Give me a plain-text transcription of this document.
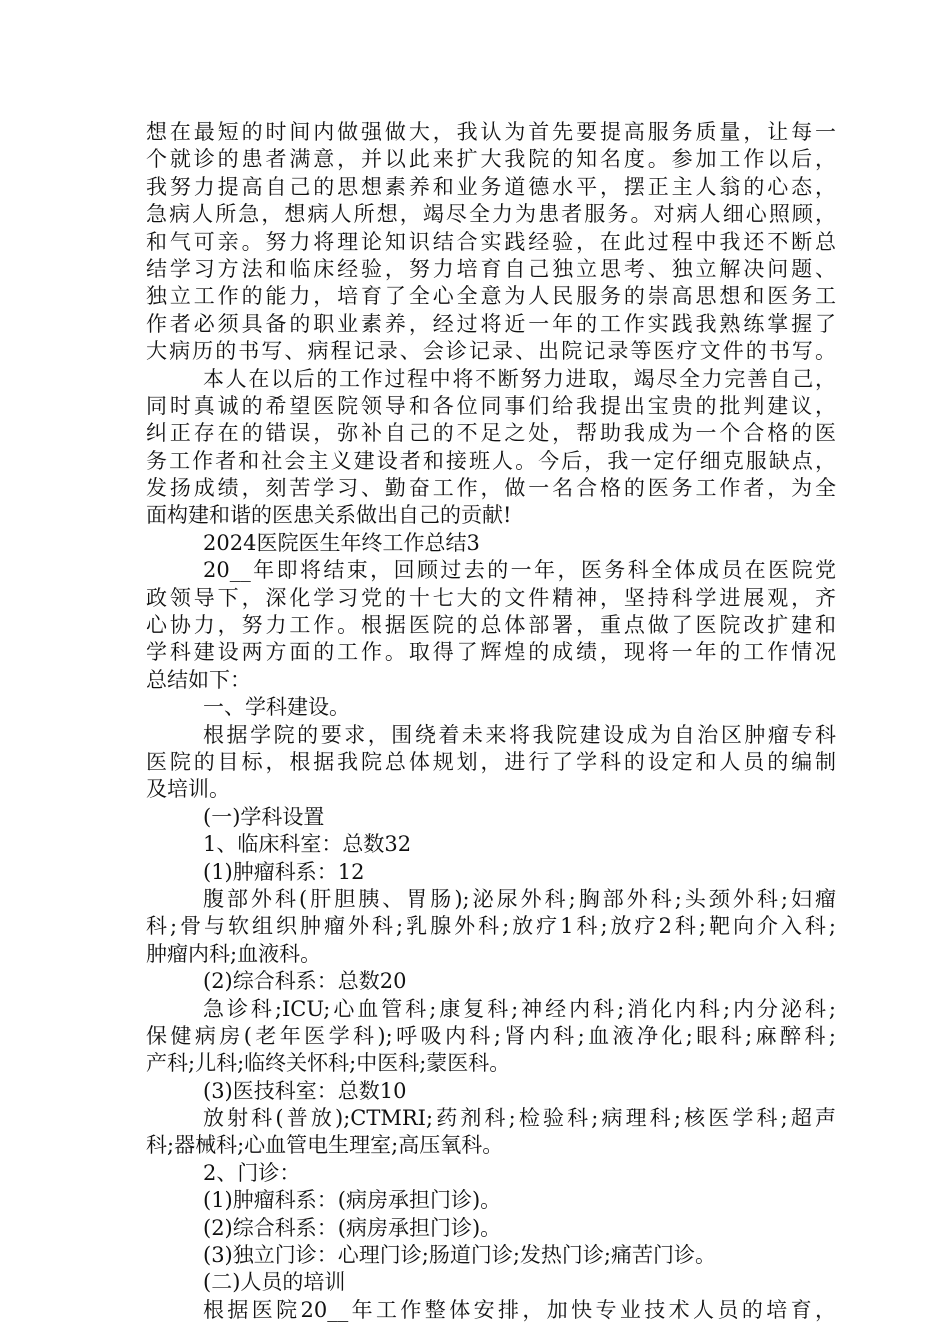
想在最短的时间内做强做大，我认为首先要提高服务质量，让每一
个就诊的患者满意，并以此来扩大我院的知名度。参加工作以后，
我努力提高自己的思想素养和业务道德水平，摆正主人翁的心态，
急病人所急，想病人所想，竭尽全力为患者服务。对病人细心照顾，
和气可亲。努力将理论知识结合实践经验，在此过程中我还不断总
结学习方法和临床经验，努力培育自己独立思考、独立解决问题、
独立工作的能力，培育了全心全意为人民服务的崇高思想和医务工
作者必须具备的职业素养，经过将近一年的工作实践我熟练掌握了
大病历的书写、病程记录、会诊记录、出院记录等医疗文件的书写。
本人在以后的工作过程中将不断努力进取，竭尽全力完善自己，
同时真诚的希望医院领导和各位同事们给我提出宝贵的批判建议，
纠正存在的错误，弥补自己的不足之处，帮助我成为一个合格的医
务工作者和社会主义建设者和接班人。今后，我一定仔细克服缺点，
发扬成绩，刻苦学习、勤奋工作，做一名合格的医务工作者，为全
面构建和谐的医患关系做出自己的贡献!
2024医院医生年终工作总结3
20__年即将结束，回顾过去的一年，医务科全体成员在医院党
政领导下，深化学习党的十七大的文件精神，坚持科学进展观，齐
心协力，努力工作。根据医院的总体部署，重点做了医院改扩建和
学科建设两方面的工作。取得了辉煌的成绩，现将一年的工作情况
总结如下：
一、学科建设。
根据学院的要求，围绕着未来将我院建设成为自治区肿瘤专科
医院的目标，根据我院总体规划，进行了学科的设定和人员的编制
及培训。
(一)学科设置
1、临床科室：总数32
(1)肿瘤科系：12
腹部外科(肝胆胰、胃肠);泌尿外科;胸部外科;头颈外科;妇瘤
科;骨与软组织肿瘤外科;乳腺外科;放疗1科;放疗2科;靶向介入科;
肿瘤内科;血液科。
(2)综合科系：总数20
急诊科;ICU;心血管科;康复科;神经内科;消化内科;内分泌科;
保健病房(老年医学科);呼吸内科;肾内科;血液净化;眼科;麻醉科;
产科;儿科;临终关怀科;中医科;蒙医科。
(3)医技科室：总数10
放射科(普放);CTMRI;药剂科;检验科;病理科;核医学科;超声
科;器械科;心血管电生理室;高压氧科。
2、门诊：
(1)肿瘤科系：(病房承担门诊)。
(2)综合科系：(病房承担门诊)。
(3)独立门诊：心理门诊;肠道门诊;发热门诊;痛苦门诊。
(二)人员的培训
根据医院20__年工作整体安排，加快专业技术人员的培育，
